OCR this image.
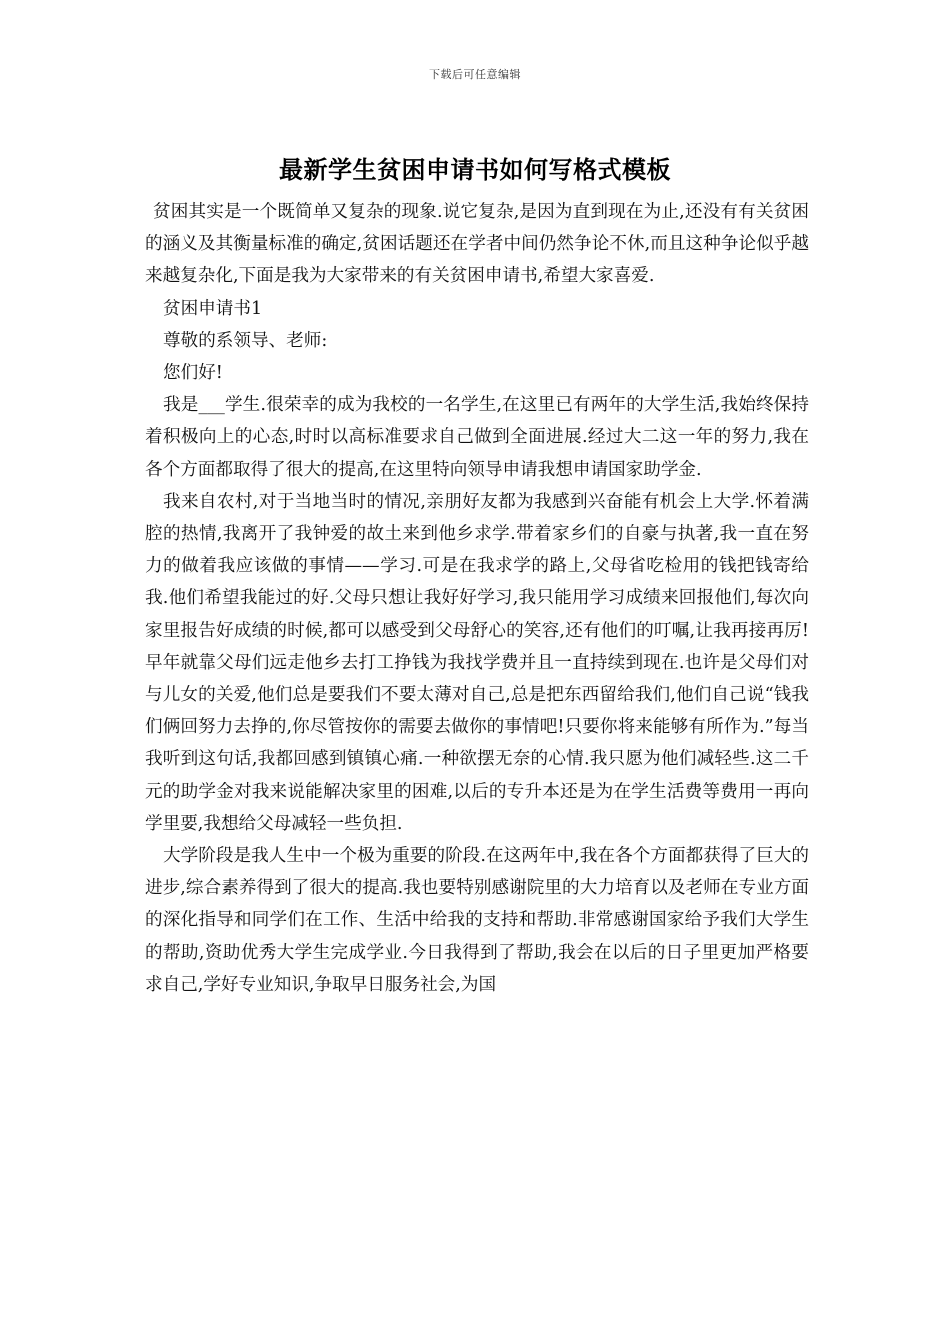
下载后可任意编辑
最新学生贫困申请书如何写格式模板

贫困其实是一个既简单又复杂的现象.说它复杂,是因为直到现在为止,还没有有关贫困的涵义及其衡量标准的确定,贫困话题还在学者中间仍然争论不休,而且这种争论似乎越来越复杂化,下面是我为大家带来的有关贫困申请书,希望大家喜爱.

贫困申请书1

尊敬的系领导、老师:

您们好!

我是___学生.很荣幸的成为我校的一名学生,在这里已有两年的大学生活,我始终保持着积极向上的心态,时时以高标准要求自己做到全面进展.经过大二这一年的努力,我在各个方面都取得了很大的提高,在这里特向领导申请我想申请国家助学金.

我来自农村,对于当地当时的情况,亲朋好友都为我感到兴奋能有机会上大学.怀着满腔的热情,我离开了我钟爱的故土来到他乡求学.带着家乡们的自豪与执著,我一直在努力的做着我应该做的事情——学习.可是在我求学的路上,父母省吃检用的钱把钱寄给我.他们希望我能过的好.父母只想让我好好学习,我只能用学习成绩来回报他们,每次向家里报告好成绩的时候,都可以感受到父母舒心的笑容,还有他们的叮嘱,让我再接再厉!早年就靠父母们远走他乡去打工挣钱为我找学费并且一直持续到现在.也许是父母们对与儿女的关爱,他们总是要我们不要太薄对自己,总是把东西留给我们,他们自己说“钱我们俩回努力去挣的,你尽管按你的需要去做你的事情吧!只要你将来能够有所作为.”每当我听到这句话,我都回感到镇镇心痛.一种欲摆无奈的心情.我只愿为他们减轻些.这二千元的助学金对我来说能解决家里的困难,以后的专升本还是为在学生活费等费用一再向学里要,我想给父母减轻一些负担.

大学阶段是我人生中一个极为重要的阶段.在这两年中,我在各个方面都获得了巨大的进步,综合素养得到了很大的提高.我也要特别感谢院里的大力培育以及老师在专业方面的深化指导和同学们在工作、生活中给我的支持和帮助.非常感谢国家给予我们大学生的帮助,资助优秀大学生完成学业.今日我得到了帮助,我会在以后的日子里更加严格要求自己,学好专业知识,争取早日服务社会,为国
